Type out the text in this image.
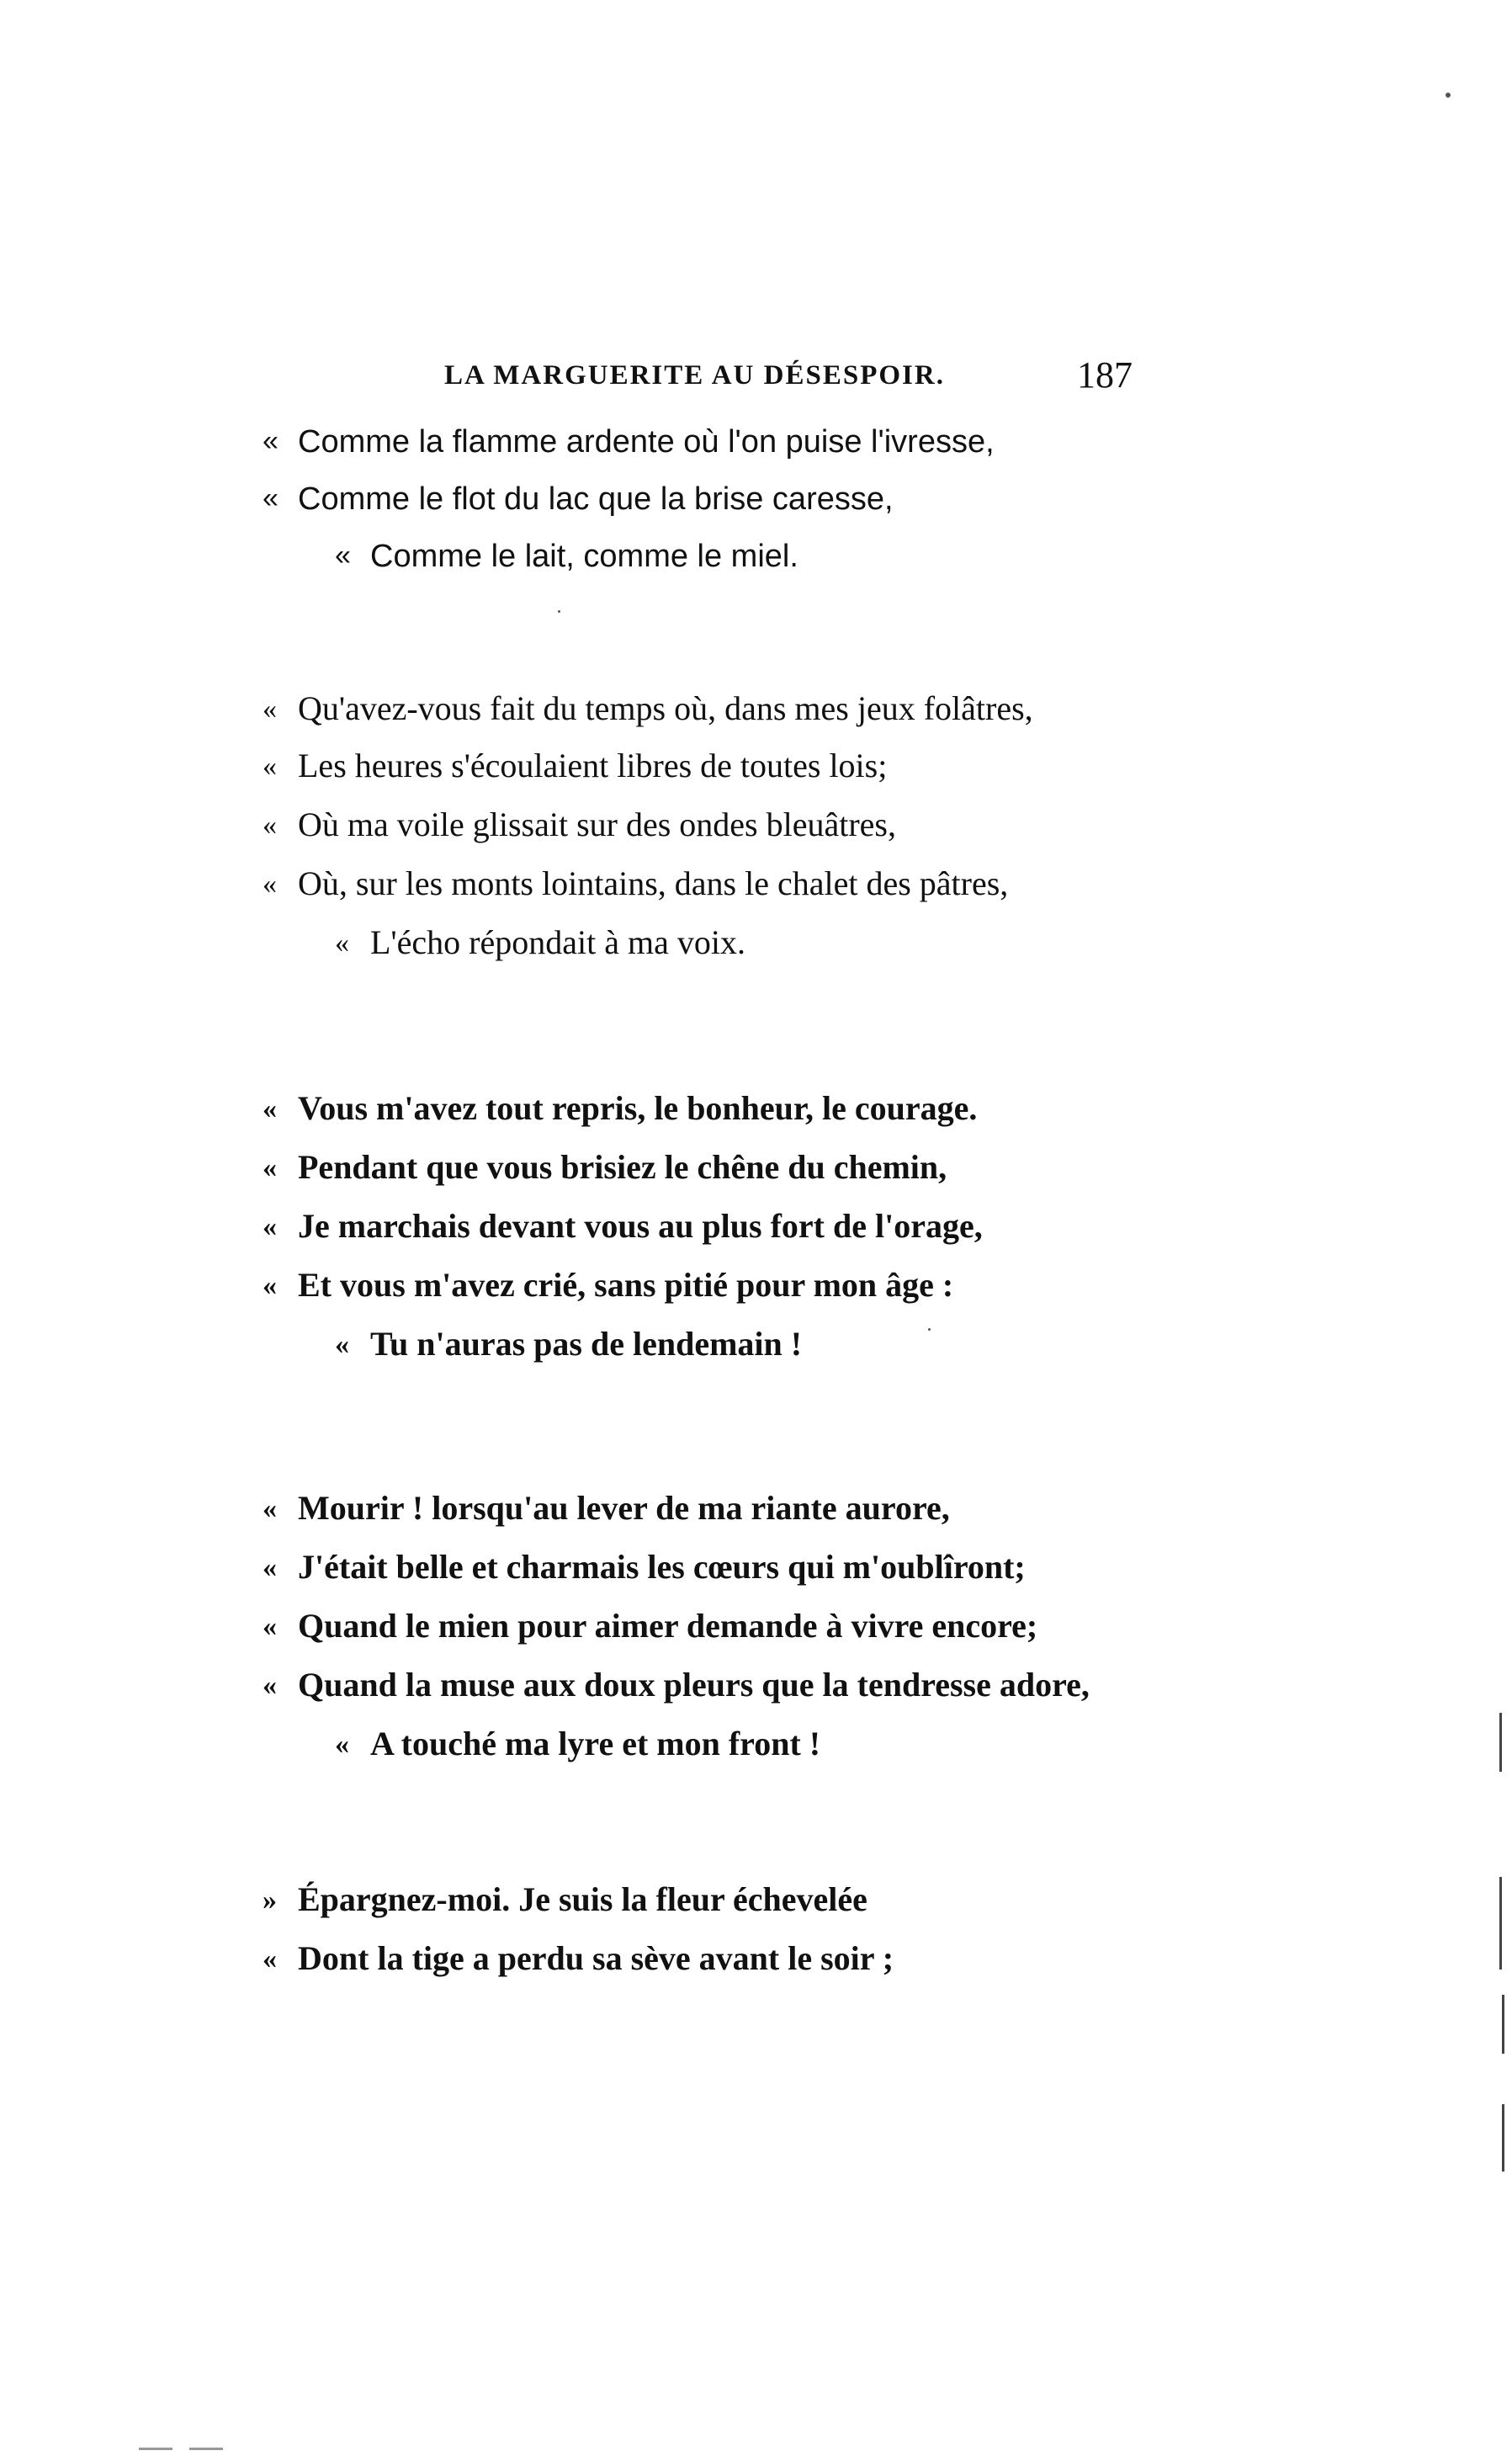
LA MARGUERITE AU DÉSESPOIR.	187
« Comme la flamme ardente où l'on puise l'ivresse,
« Comme le flot du lac que la brise caresse,
« Comme le lait, comme le miel.
« Qu'avez-vous fait du temps où, dans mes jeux folâtres,
« Les heures s'écoulaient libres de toutes lois;
« Où ma voile glissait sur des ondes bleuâtres,
« Où, sur les monts lointains, dans le chalet des pâtres,
« L'écho répondait à ma voix.
« Vous m'avez tout repris, le bonheur, le courage.
« Pendant que vous brisiez le chêne du chemin,
« Je marchais devant vous au plus fort de l'orage,
« Et vous m'avez crié, sans pitié pour mon âge :
« Tu n'auras pas de lendemain !
« Mourir ! lorsqu'au lever de ma riante aurore,
« J'était belle et charmais les cœurs qui m'oublîront;
« Quand le mien pour aimer demande à vivre encore;
« Quand la muse aux doux pleurs que la tendresse adore,
« A touché ma lyre et mon front !
» Épargnez-moi. Je suis la fleur échevelée
« Dont la tige a perdu sa sève avant le soir ;
